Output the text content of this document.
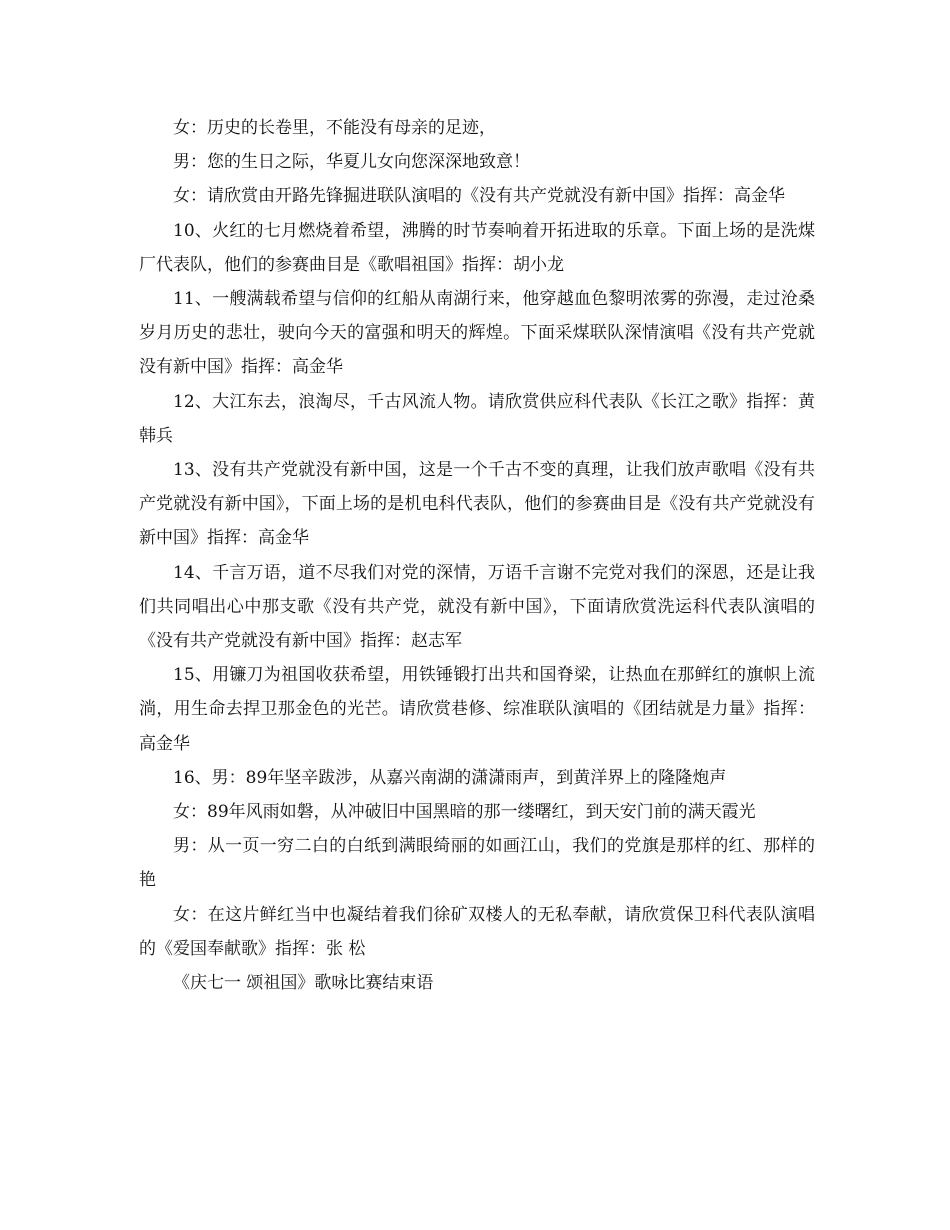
女：历史的长卷里，不能没有母亲的足迹，

男：您的生日之际，华夏儿女向您深深地致意！

女：请欣赏由开路先锋掘进联队演唱的《没有共产党就没有新中国》指挥：高金华

10、火红的七月燃烧着希望，沸腾的时节奏响着开拓进取的乐章。下面上场的是洗煤厂代表队，他们的参赛曲目是《歌唱祖国》指挥：胡小龙

11、一艘满载希望与信仰的红船从南湖行来，他穿越血色黎明浓雾的弥漫，走过沧桑岁月历史的悲壮，驶向今天的富强和明天的辉煌。下面采煤联队深情演唱《没有共产党就没有新中国》指挥：高金华

12、大江东去，浪淘尽，千古风流人物。请欣赏供应科代表队《长江之歌》指挥：黄韩兵

13、没有共产党就没有新中国，这是一个千古不变的真理，让我们放声歌唱《没有共产党就没有新中国》，下面上场的是机电科代表队，他们的参赛曲目是《没有共产党就没有新中国》指挥：高金华

14、千言万语，道不尽我们对党的深情，万语千言谢不完党对我们的深恩，还是让我们共同唱出心中那支歌《没有共产党，就没有新中国》，下面请欣赏洗运科代表队演唱的《没有共产党就没有新中国》指挥：赵志军

15、用镰刀为祖国收获希望，用铁锤锻打出共和国脊梁，让热血在那鲜红的旗帜上流淌，用生命去捍卫那金色的光芒。请欣赏巷修、综准联队演唱的《团结就是力量》指挥：高金华

16、男：89年坚辛跋涉，从嘉兴南湖的潇潇雨声，到黄洋界上的隆隆炮声

女：89年风雨如磐，从冲破旧中国黑暗的那一缕曙红，到天安门前的满天霞光

男：从一页一穷二白的白纸到满眼绮丽的如画江山，我们的党旗是那样的红、那样的艳

女：在这片鲜红当中也凝结着我们徐矿双楼人的无私奉献，请欣赏保卫科代表队演唱的《爱国奉献歌》指挥：张 松

《庆七一 颂祖国》歌咏比赛结束语
